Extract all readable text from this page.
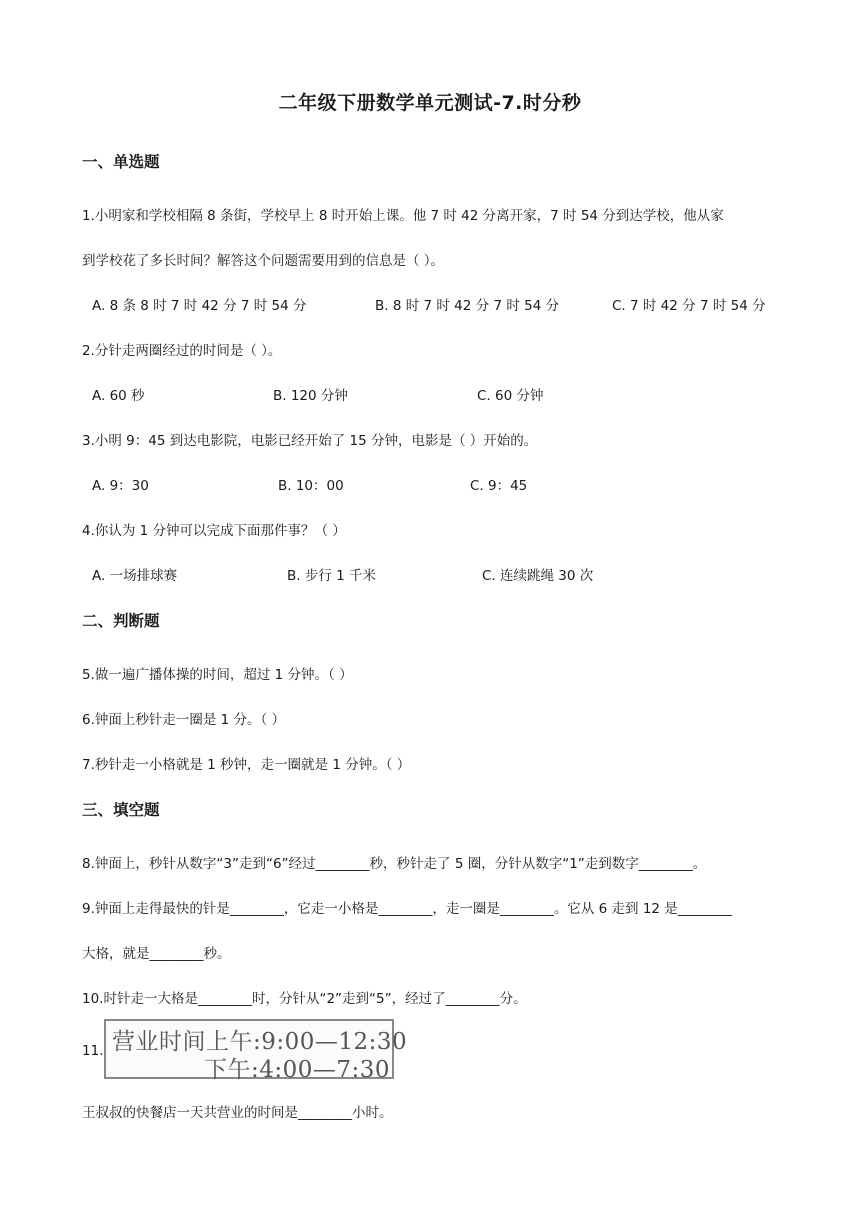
二年级下册数学单元测试-7.时分秒
一、单选题
1.小明家和学校相隔 8 条街，学校早上 8 时开始上课。他 7 时 42 分离开家，7 时 54 分到达学校，他从家
到学校花了多长时间？解答这个问题需要用到的信息是（ ）。
A. 8 条 8 时 7 时 42 分 7 时 54 分	B. 8 时 7 时 42 分 7 时 54 分	C. 7 时 42 分 7 时 54 分
2.分针走两圈经过的时间是（ ）。
A. 60 秒	B. 120 分钟	C. 60 分钟
3.小明 9：45 到达电影院，电影已经开始了 15 分钟，电影是（ ）开始的。
A. 9：30	B. 10：00	C. 9：45
4.你认为 1 分钟可以完成下面那件事？（ ）
A. 一场排球赛	B. 步行 1 千米	C. 连续跳绳 30 次
二、判断题
5.做一遍广播体操的时间，超过 1 分钟。（ ）
6.钟面上秒针走一圈是 1 分。（ ）
7.秒针走一小格就是 1 秒钟，走一圈就是 1 分钟。（ ）
三、填空题
8.钟面上，秒针从数字“3”走到“6”经过________秒，秒针走了 5 圈，分针从数字“1”走到数字________。
9.钟面上走得最快的针是________，它走一小格是________，走一圈是________。它从 6 走到 12 是________
大格，就是________秒。
10.时针走一大格是________时，分针从“2”走到“5”，经过了________分。
11. 营业时间上午:9:00—12:30
下午:4:00—7:30
王叔叔的快餐店一天共营业的时间是________小时。
